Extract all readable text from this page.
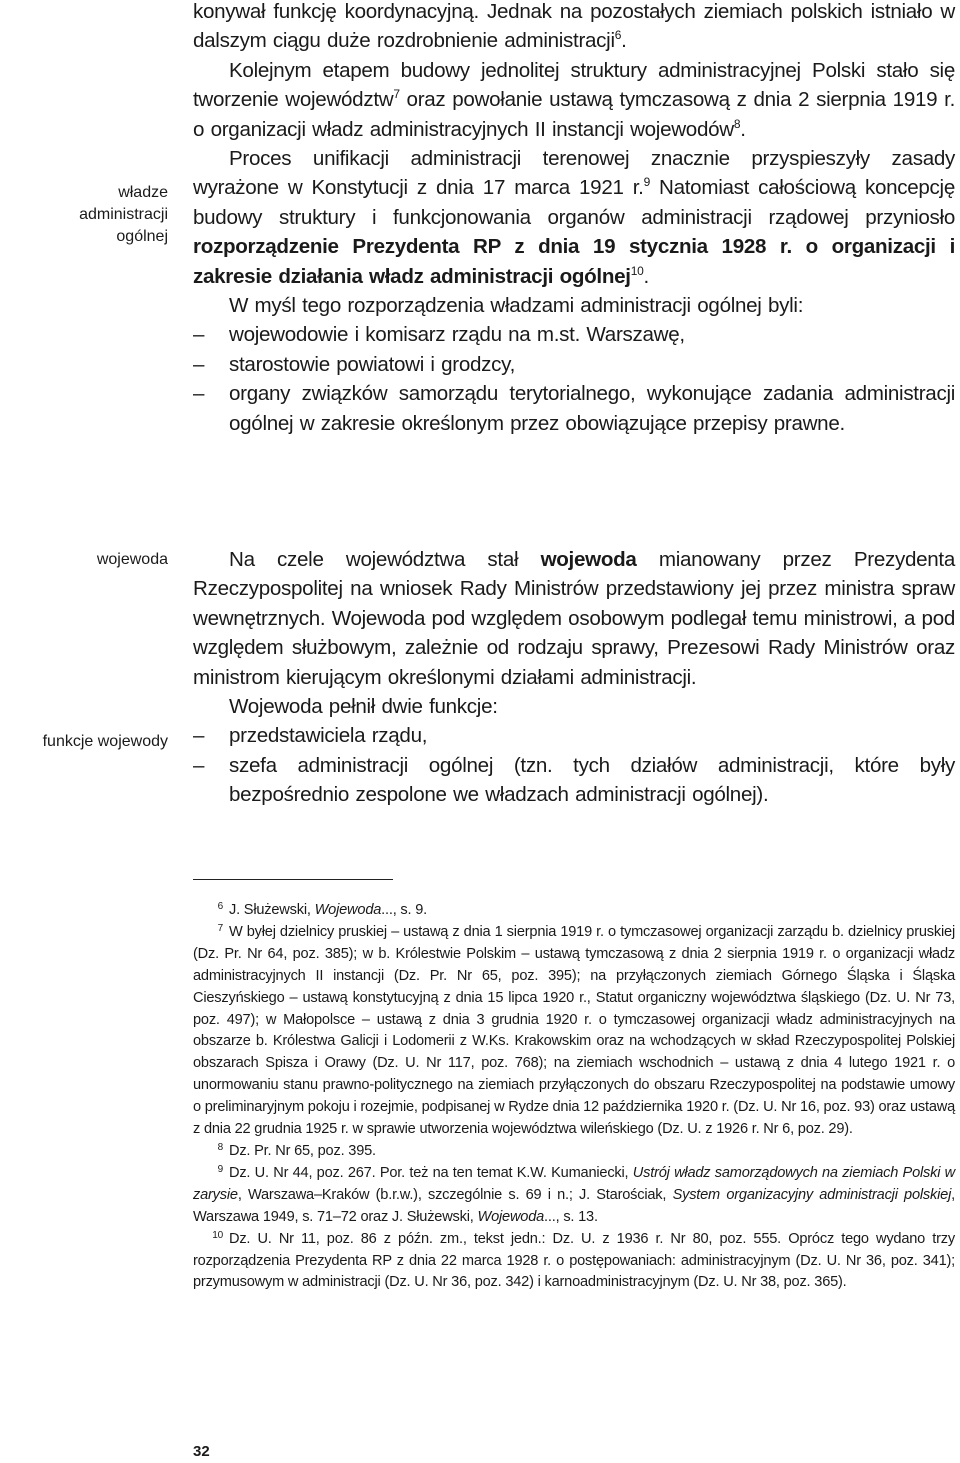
władze
administracji
ogólnej
wojewoda
funkcje wojewody

konywał funkcję koordynacyjną. Jednak na pozostałych ziemiach polskich istniało w dalszym ciągu duże rozdrobnienie administracji$^6$.

Kolejnym etapem budowy jednolitej struktury administracyjnej Polski stało się tworzenie województw$^7$ oraz powołanie ustawą tymczasową z dnia 2 sierpnia 1919 r. o organizacji władz administracyjnych II instancji wojewodów$^8$.

Proces unifikacji administracji terenowej znacznie przyspieszyły zasady wyrażone w Konstytucji z dnia 17 marca 1921 r.$^9$ Natomiast całościową koncepcję budowy struktury i funkcjonowania organów administracji rządowej przyniosło rozporządzenie Prezydenta RP z dnia 19 stycznia 1928 r. o organizacji i zakresie działania władz administracji ogólnej$^{10}$.

W myśl tego rozporządzenia władzami administracji ogólnej byli:

– wojewodowie i komisarz rządu na m.st. Warszawę,
– starostowie powiatowi i grodzcy,
– organy związków samorządu terytorialnego, wykonujące zadania administracji ogólnej w zakresie określonym przez obowiązujące przepisy prawne.

Na czele województwa stał wojewoda mianowany przez Prezydenta Rzeczypospolitej na wniosek Rady Ministrów przedstawiony jej przez ministra spraw wewnętrznych. Wojewoda pod względem osobowym podlegał temu ministrowi, a pod względem służbowym, zależnie od rodzaju sprawy, Prezesowi Rady Ministrów oraz ministrom kierującym określonymi działami administracji.

Wojewoda pełnił dwie funkcje:

– przedstawiciela rządu,
– szefa administracji ogólnej (tzn. tych działów administracji, które były bezpośrednio zespolone we władzach administracji ogólnej).

6 J. Służewski, Wojewoda..., s. 9.

7 W byłej dzielnicy pruskiej – ustawą z dnia 1 sierpnia 1919 r. o tymczasowej organizacji zarządu b. dzielnicy pruskiej (Dz. Pr. Nr 64, poz. 385); w b. Królestwie Polskim – ustawą tymczasową z dnia 2 sierpnia 1919 r. o organizacji władz administracyjnych II instancji (Dz. Pr. Nr 65, poz. 395); na przyłączonych ziemiach Górnego Śląska i Śląska Cieszyńskiego – ustawą konstytucyjną z dnia 15 lipca 1920 r., Statut organiczny województwa śląskiego (Dz. U. Nr 73, poz. 497); w Małopolsce – ustawą z dnia 3 grudnia 1920 r. o tymczasowej organizacji władz administracyjnych na obszarze b. Królestwa Galicji i Lodomerii z W.Ks. Krakowskim oraz na wchodzących w skład Rzeczypospolitej Polskiej obszarach Spisza i Orawy (Dz. U. Nr 117, poz. 768); na ziemiach wschodnich – ustawą z dnia 4 lutego 1921 r. o unormowaniu stanu prawno-politycznego na ziemiach przyłączonych do obszaru Rzeczypospolitej na podstawie umowy o preliminaryjnym pokoju i rozejmie, podpisanej w Rydze dnia 12 października 1920 r. (Dz. U. Nr 16, poz. 93) oraz ustawą z dnia 22 grudnia 1925 r. w sprawie utworzenia województwa wileńskiego (Dz. U. z 1926 r. Nr 6, poz. 29).

8 Dz. Pr. Nr 65, poz. 395.

9 Dz. U. Nr 44, poz. 267. Por. też na ten temat K.W. Kumaniecki, Ustrój władz samorządowych na ziemiach Polski w zarysie, Warszawa–Kraków (b.r.w.), szczególnie s. 69 i n.; J. Starościak, System organizacyjny administracji polskiej, Warszawa 1949, s. 71–72 oraz J. Służewski, Wojewoda..., s. 13.

10 Dz. U. Nr 11, poz. 86 z późn. zm., tekst jedn.: Dz. U. z 1936 r. Nr 80, poz. 555. Oprócz tego wydano trzy rozporządzenia Prezydenta RP z dnia 22 marca 1928 r. o postępowaniach: administracyjnym (Dz. U. Nr 36, poz. 341); przymusowym w administracji (Dz. U. Nr 36, poz. 342) i karnoadministracyjnym (Dz. U. Nr 38, poz. 365).

32
